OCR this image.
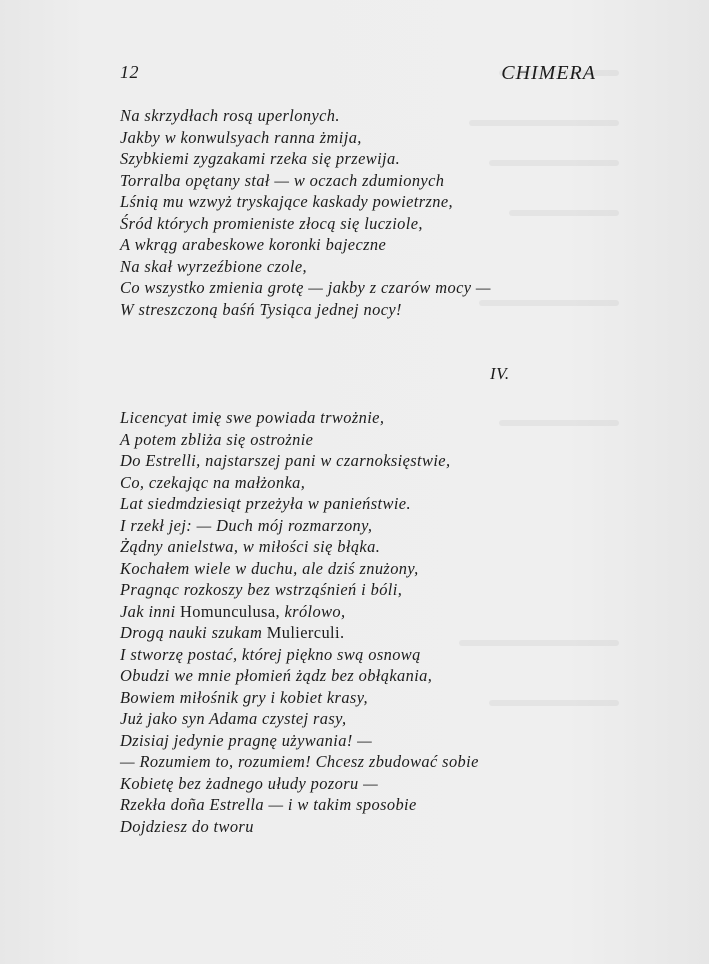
12	CHIMERA
Na skrzydłach rosą uperlonych.
Jakby w konwulsyach ranna żmija,
Szybkiemi zygzakami rzeka się przewija.
Torralba opętany stał — w oczach zdumionych
Lśnią mu wzwyż tryskające kaskady powietrzne,
Śród których promieniste złocą się lucziole,
A wkrąg arabeskowe koronki bajeczne
Na skał wyrzeźbione czole,
Co wszystko zmienia grotę — jakby z czarów mocy —
W streszczoną baśń Tysiąca jednej nocy!
IV.
Licencyat imię swe powiada trwożnie,
A potem zbliża się ostrożnie
Do Estrelli, najstarszej pani w czarnoksięstwie,
Co, czekając na małżonka,
Lat siedmdziesiąt przeżyła w panieństwie.
I rzekł jej: — Duch mój rozmarzony,
Żądny anielstwa, w miłości się błąka.
Kochałem wiele w duchu, ale dziś znużony,
Pragnąc rozkoszy bez wstrząśnień i bóli,
Jak inni Homunculusa, królowo,
Drogą nauki szukam Mulierculi.
I stworzę postać, której piękno swą osnową
Obudzi we mnie płomień żądz bez obłąkania,
Bowiem miłośnik gry i kobiet krasy,
Już jako syn Adama czystej rasy,
Dzisiaj jedynie pragnę używania! —
— Rozumiem to, rozumiem! Chcesz zbudować sobie
Kobietę bez żadnego ułudy pozoru —
Rzekła doña Estrella — i w takim sposobie
Dojdziesz do tworu
